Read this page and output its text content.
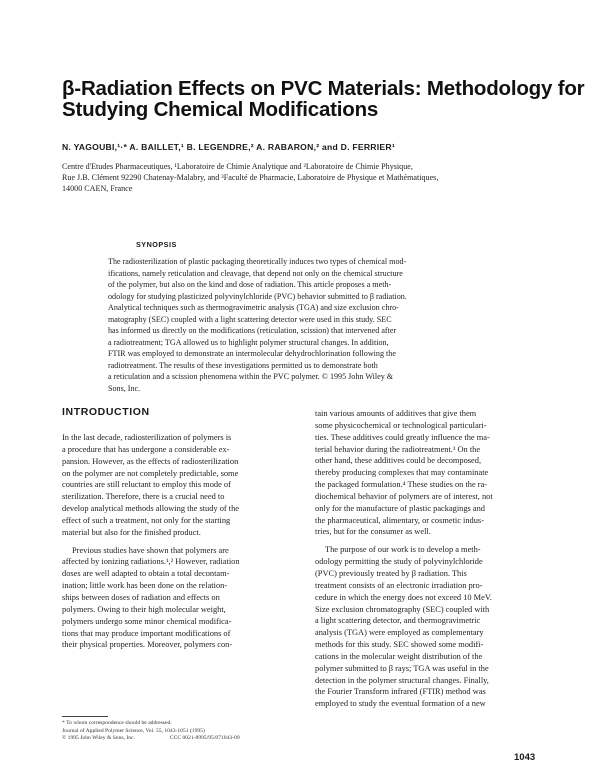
β-Radiation Effects on PVC Materials: Methodology for
Studying Chemical Modifications
N. YAGOUBI,¹·* A. BAILLET,¹ B. LEGENDRE,² A. RABARON,² and D. FERRIER¹
Centre d'Etudes Pharmaceutiques, ¹Laboratoire de Chimie Analytique and ²Laboratoire de Chimie Physique,
Rue J.B. Clément 92290 Chatenay-Malabry, and ³Faculté de Pharmacie, Laboratoire de Physique et Mathématiques,
14000 CAEN, France
SYNOPSIS
The radiosterilization of plastic packaging theoretically induces two types of chemical mod-
ifications, namely reticulation and cleavage, that depend not only on the chemical structure
of the polymer, but also on the kind and dose of radiation. This article proposes a meth-
odology for studying plasticized polyvinylchloride (PVC) behavior submitted to β radiation.
Analytical techniques such as thermogravimetric analysis (TGA) and size exclusion chro-
matography (SEC) coupled with a light scattering detector were used in this study. SEC
has informed us directly on the modifications (reticulation, scission) that intervened after
a radiotreatment; TGA allowed us to highlight polymer structural changes. In addition,
FTIR was employed to demonstrate an intermolecular dehydrochlorination following the
radiotreatment. The results of these investigations permitted us to demonstrate both
a reticulation and a scission phenomena within the PVC polymer. © 1995 John Wiley &
Sons, Inc.
INTRODUCTION
In the last decade, radiosterilization of polymers is
a procedure that has undergone a considerable ex-
pansion. However, as the effects of radiosterilization
on the polymer are not completely predictable, some
countries are still reluctant to employ this mode of
sterilization. Therefore, there is a crucial need to
develop analytical methods allowing the study of the
effect of such a treatment, not only for the starting
material but also for the finished product.
Previous studies have shown that polymers are
affected by ionizing radiations.¹,² However, radiation
doses are well adapted to obtain a total decontam-
ination; little work has been done on the relation-
ships between doses of radiation and effects on
polymers. Owing to their high molecular weight,
polymers undergo some minor chemical modifica-
tions that may produce important modifications of
their physical properties. Moreover, polymers con-
tain various amounts of additives that give them
some physicochemical or technological particulari-
ties. These additives could greatly influence the ma-
terial behavior during the radiotreatment.³ On the
other hand, these additives could be decomposed,
thereby producing complexes that may contaminate
the packaged formulation.⁴ These studies on the ra-
diochemical behavior of polymers are of interest, not
only for the manufacture of plastic packagings and
the pharmaceutical, alimentary, or cosmetic indus-
tries, but for the consumer as well.
The purpose of our work is to develop a meth-
odology permitting the study of polyvinylchloride
(PVC) previously treated by β radiation. This
treatment consists of an electronic irradiation pro-
cedure in which the energy does not exceed 10 MeV.
Size exclusion chromatography (SEC) coupled with
a light scattering detector, and thermogravimetric
analysis (TGA) were employed as complementary
methods for this study. SEC showed some modifi-
cations in the molecular weight distribution of the
polymer submitted to β rays; TGA was useful in the
detection in the polymer structural changes. Finally,
the Fourier Transform infrared (FTIR) method was
employed to study the eventual formation of a new
* To whom correspondence should be addressed.
Journal of Applied Polymer Science, Vol. 55, 1043-1051 (1995)
© 1995 John Wiley & Sons, Inc.                         CCC 0021-8995/95/071043-09
1043
